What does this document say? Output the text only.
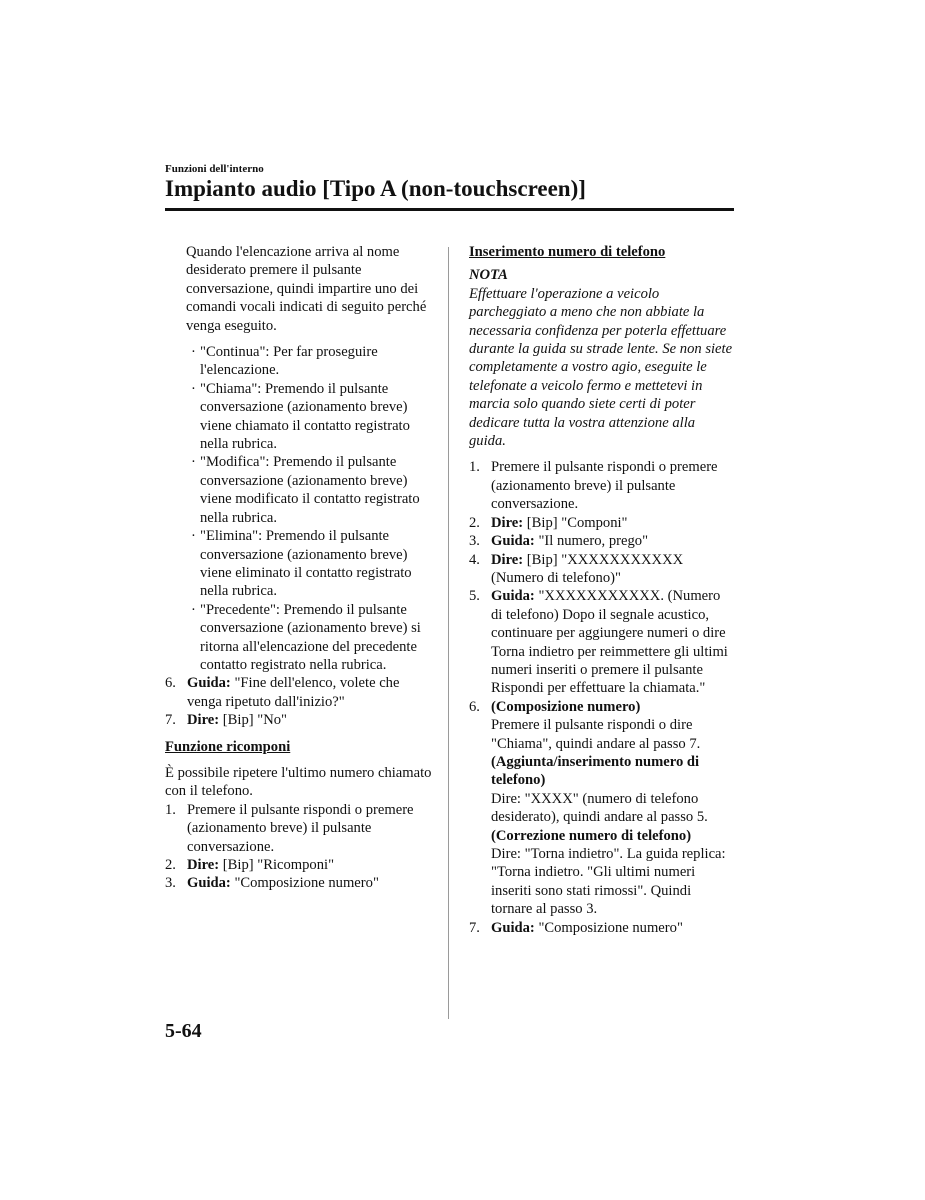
Funzioni dell'interno
Impianto audio [Tipo A (non-touchscreen)]

Quando l'elencazione arriva al nome desiderato premere il pulsante conversazione, quindi impartire uno dei comandi vocali indicati di seguito perché venga eseguito.

· "Continua": Per far proseguire l'elencazione.
· "Chiama": Premendo il pulsante conversazione (azionamento breve) viene chiamato il contatto registrato nella rubrica.
· "Modifica": Premendo il pulsante conversazione (azionamento breve) viene modificato il contatto registrato nella rubrica.
· "Elimina": Premendo il pulsante conversazione (azionamento breve) viene eliminato il contatto registrato nella rubrica.
· "Precedente": Premendo il pulsante conversazione (azionamento breve) si ritorna all'elencazione del precedente contatto registrato nella rubrica.
6. Guida: "Fine dell'elenco, volete che venga ripetuto dall'inizio?"
7. Dire: [Bip] "No"

Funzione ricomponi

È possibile ripetere l'ultimo numero chiamato con il telefono.

1. Premere il pulsante rispondi o premere (azionamento breve) il pulsante conversazione.
2. Dire: [Bip] "Ricomponi"
3. Guida: "Composizione numero"

Inserimento numero di telefono

NOTA

Effettuare l'operazione a veicolo parcheggiato a meno che non abbiate la necessaria confidenza per poterla effettuare durante la guida su strade lente. Se non siete completamente a vostro agio, eseguite le telefonate a veicolo fermo e mettetevi in marcia solo quando siete certi di poter dedicare tutta la vostra attenzione alla guida.

1. Premere il pulsante rispondi o premere (azionamento breve) il pulsante conversazione.
2. Dire: [Bip] "Componi"
3. Guida: "Il numero, prego"
4. Dire: [Bip] "XXXXXXXXXXX (Numero di telefono)"
5. Guida: "XXXXXXXXXXX. (Numero di telefono) Dopo il segnale acustico, continuare per aggiungere numeri o dire Torna indietro per reimmettere gli ultimi numeri inseriti o premere il pulsante Rispondi per effettuare la chiamata."
6. (Composizione numero)
Premere il pulsante rispondi o dire "Chiama", quindi andare al passo 7.
(Aggiunta/inserimento numero di telefono)
Dire: "XXXX" (numero di telefono desiderato), quindi andare al passo 5.
(Correzione numero di telefono)
Dire: "Torna indietro". La guida replica: "Torna indietro. "Gli ultimi numeri inseriti sono stati rimossi". Quindi tornare al passo 3.
7. Guida: "Composizione numero"
5-64
